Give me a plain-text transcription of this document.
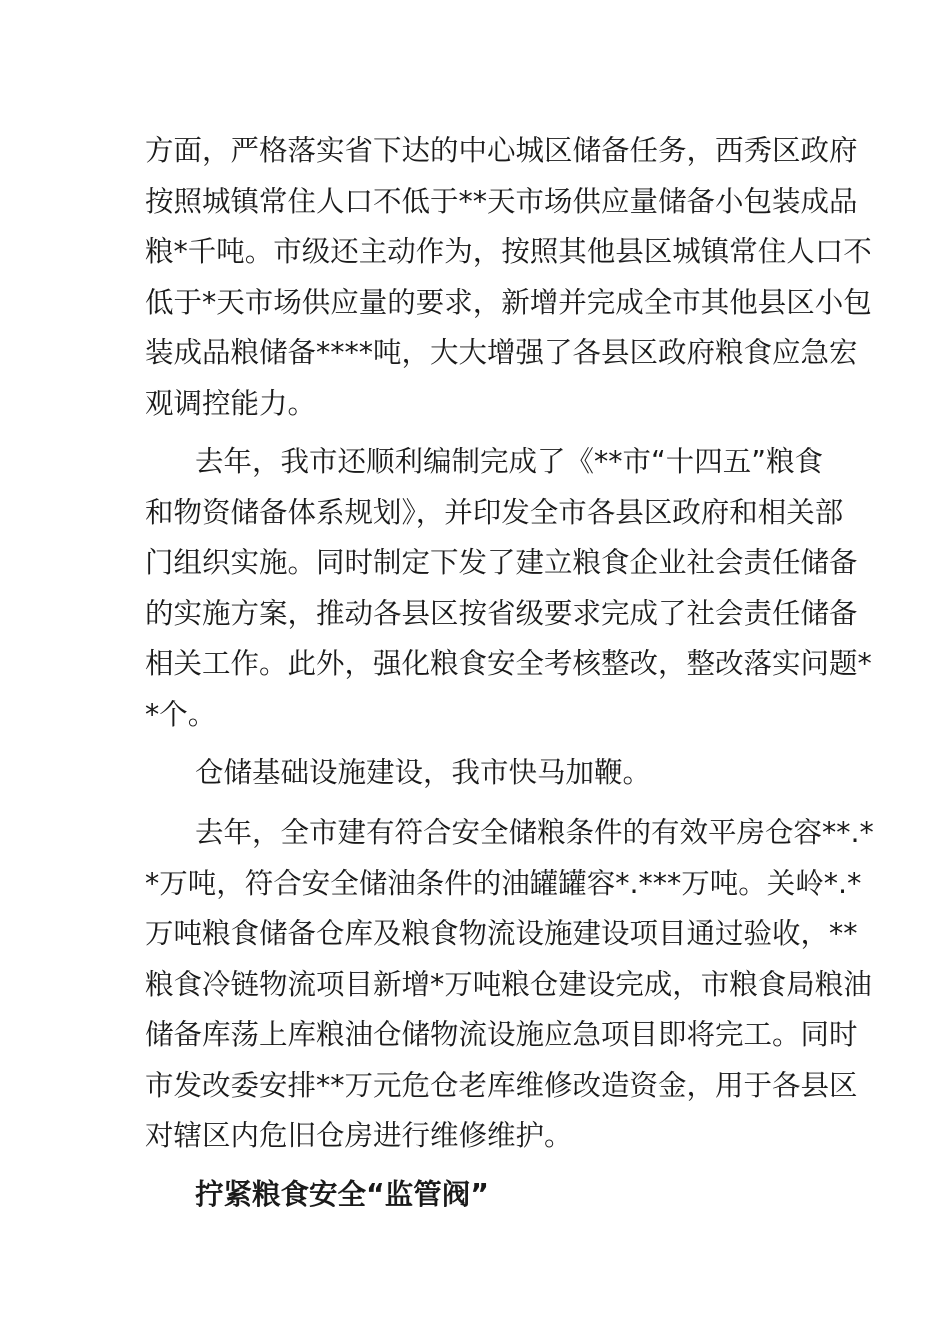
方面，严格落实省下达的中心城区储备任务，西秀区政府
按照城镇常住人口不低于**天市场供应量储备小包装成品
粮*千吨。市级还主动作为，按照其他县区城镇常住人口不
低于*天市场供应量的要求，新增并完成全市其他县区小包
装成品粮储备****吨，大大增强了各县区政府粮食应急宏
观调控能力。
去年，我市还顺利编制完成了《**市“十四五”粮食
和物资储备体系规划》，并印发全市各县区政府和相关部
门组织实施。同时制定下发了建立粮食企业社会责任储备
的实施方案，推动各县区按省级要求完成了社会责任储备
相关工作。此外，强化粮食安全考核整改，整改落实问题*
*个。
仓储基础设施建设，我市快马加鞭。
去年，全市建有符合安全储粮条件的有效平房仓容**.*
*万吨，符合安全储油条件的油罐罐容*.***万吨。关岭*.*
万吨粮食储备仓库及粮食物流设施建设项目通过验收，**
粮食冷链物流项目新增*万吨粮仓建设完成，市粮食局粮油
储备库荡上库粮油仓储物流设施应急项目即将完工。同时
市发改委安排**万元危仓老库维修改造资金，用于各县区
对辖区内危旧仓房进行维修维护。
拧紧粮食安全“监管阀”
